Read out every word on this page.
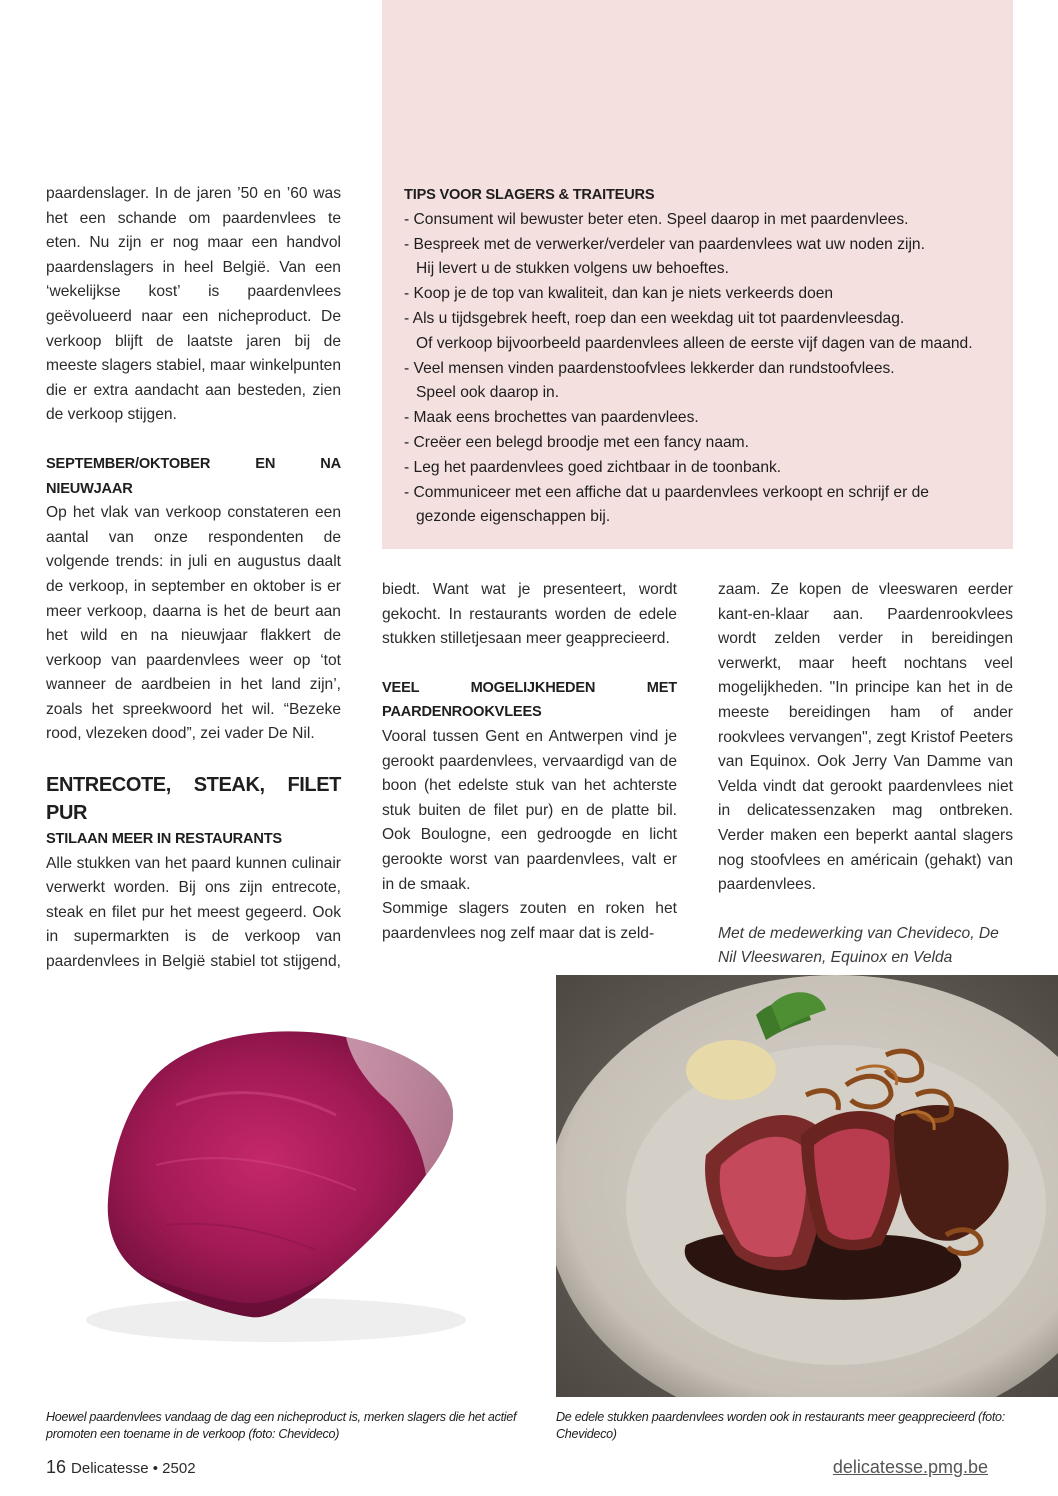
TIPS VOOR SLAGERS & TRAITEURS
- Consument wil bewuster beter eten. Speel daarop in met paardenvlees.
- Bespreek met de verwerker/verdeler van paardenvlees wat uw noden zijn.
Hij levert u de stukken volgens uw behoeftes.
- Koop je de top van kwaliteit, dan kan je niets verkeerds doen
- Als u tijdsgebrek heeft, roep dan een weekdag uit tot paardenvleesdag.
Of verkoop bijvoorbeeld paardenvlees alleen de eerste vijf dagen van de maand.
- Veel mensen vinden paardenstoofvlees lekkerder dan rundstoofvlees.
Speel ook daarop in.
- Maak eens brochettes van paardenvlees.
- Creëer een belegd broodje met een fancy naam.
- Leg het paardenvlees goed zichtbaar in de toonbank.
- Communiceer met een affiche dat u paardenvlees verkoopt en schrijf er de
gezonde eigenschappen bij.

paardenslager. In de jaren ’50 en ’60 was het een schande om paardenvlees te eten. Nu zijn er nog maar een handvol paardenslagers in heel België. Van een ‘wekelijkse kost’ is paardenvlees geëvolueerd naar een nicheproduct. De verkoop blijft de laatste jaren bij de meeste slagers stabiel, maar winkelpunten die er extra aandacht aan besteden, zien de verkoop stijgen.

SEPTEMBER/OKTOBER EN NA NIEUWJAAR

Op het vlak van verkoop constateren een aantal van onze respondenten de volgende trends: in juli en augustus daalt de verkoop, in september en oktober is er meer verkoop, daarna is het de beurt aan het wild en na nieuwjaar flakkert de verkoop van paardenvlees weer op ‘tot wanneer de aardbeien in het land zijn’, zoals het spreekwoord het wil. “Bezeke rood, vlezeken dood”, zei vader De Nil.

ENTRECOTE, STEAK, FILET PUR
STILAAN MEER IN RESTAURANTS

Alle stukken van het paard kunnen culinair verwerkt worden. Bij ons zijn entrecote, steak en filet pur het meest gegeerd. Ook in supermarkten is de verkoop van paardenvlees in België stabiel tot stijgend,

biedt. Want wat je presenteert, wordt gekocht. In restaurants worden de edele stukken stilletjesaan meer geapprecieerd.

VEEL MOGELIJKHEDEN MET PAARDENROOKVLEES

Vooral tussen Gent en Antwerpen vind je gerookt paardenvlees, vervaardigd van de boon (het edelste stuk van het achterste stuk buiten de filet pur) en de platte bil. Ook Boulogne, een gedroogde en licht gerookte worst van paardenvlees, valt er in de smaak.

Sommige slagers zouten en roken het paardenvlees nog zelf maar dat is zeld-

zaam. Ze kopen de vleeswaren eerder kant-en-klaar aan. Paardenrookvlees wordt zelden verder in bereidingen verwerkt, maar heeft nochtans veel mogelijkheden. "In principe kan het in de meeste bereidingen ham of ander rookvlees vervangen", zegt Kristof Peeters van Equinox. Ook Jerry Van Damme van Velda vindt dat gerookt paardenvlees niet in delicatessenzaken mag ontbreken. Verder maken een beperkt aantal slagers nog stoofvlees en américain (gehakt) van paardenvlees.

Met de medewerking van Chevideco, De Nil Vleeswaren, Equinox en Velda

Hoewel paardenvlees vandaag de dag een nicheproduct is, merken slagers die het actief promoten een toename in de verkoop (foto: Chevideco)
De edele stukken paardenvlees worden ook in restaurants meer geapprecieerd (foto: Chevideco)
16 Delicatesse • 2502	delicatesse.pmg.be
